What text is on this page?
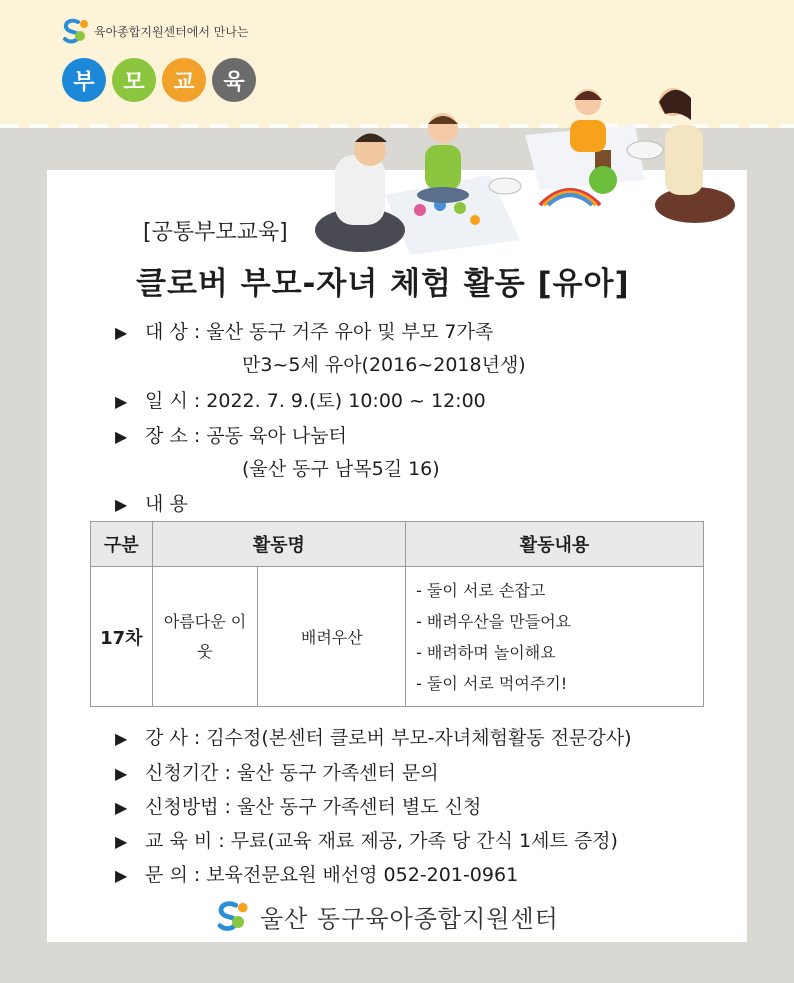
육아종합지원센터에서 만나는
부	모	교	육
[공통부모교육]
클로버 부모-자녀 체험 활동 [유아]
▶ 대 상 : 울산 동구 거주 유아 및 부모 7가족
만3~5세 유아(2016~2018년생)
▶ 일 시 : 2022. 7. 9.(토) 10:00 ~ 12:00
▶ 장 소 : 공동 육아 나눔터
(울산 동구 남목5길 16)
▶ 내 용
구분	활동명		활동내용
17차	아름다운 이웃	배려우산	- 둘이 서로 손잡고
- 배려우산을 만들어요
- 배려하며 놀이해요
- 둘이 서로 먹여주기!
▶ 강 사 : 김수정(본센터 클로버 부모-자녀체험활동 전문강사)
▶ 신청기간 : 울산 동구 가족센터 문의
▶ 신청방법 : 울산 동구 가족센터 별도 신청
▶ 교 육 비 : 무료(교육 재료 제공, 가족 당 간식 1세트 증정)
▶ 문 의 : 보육전문요원 배선영 052-201-0961
울산 동구육아종합지원센터
